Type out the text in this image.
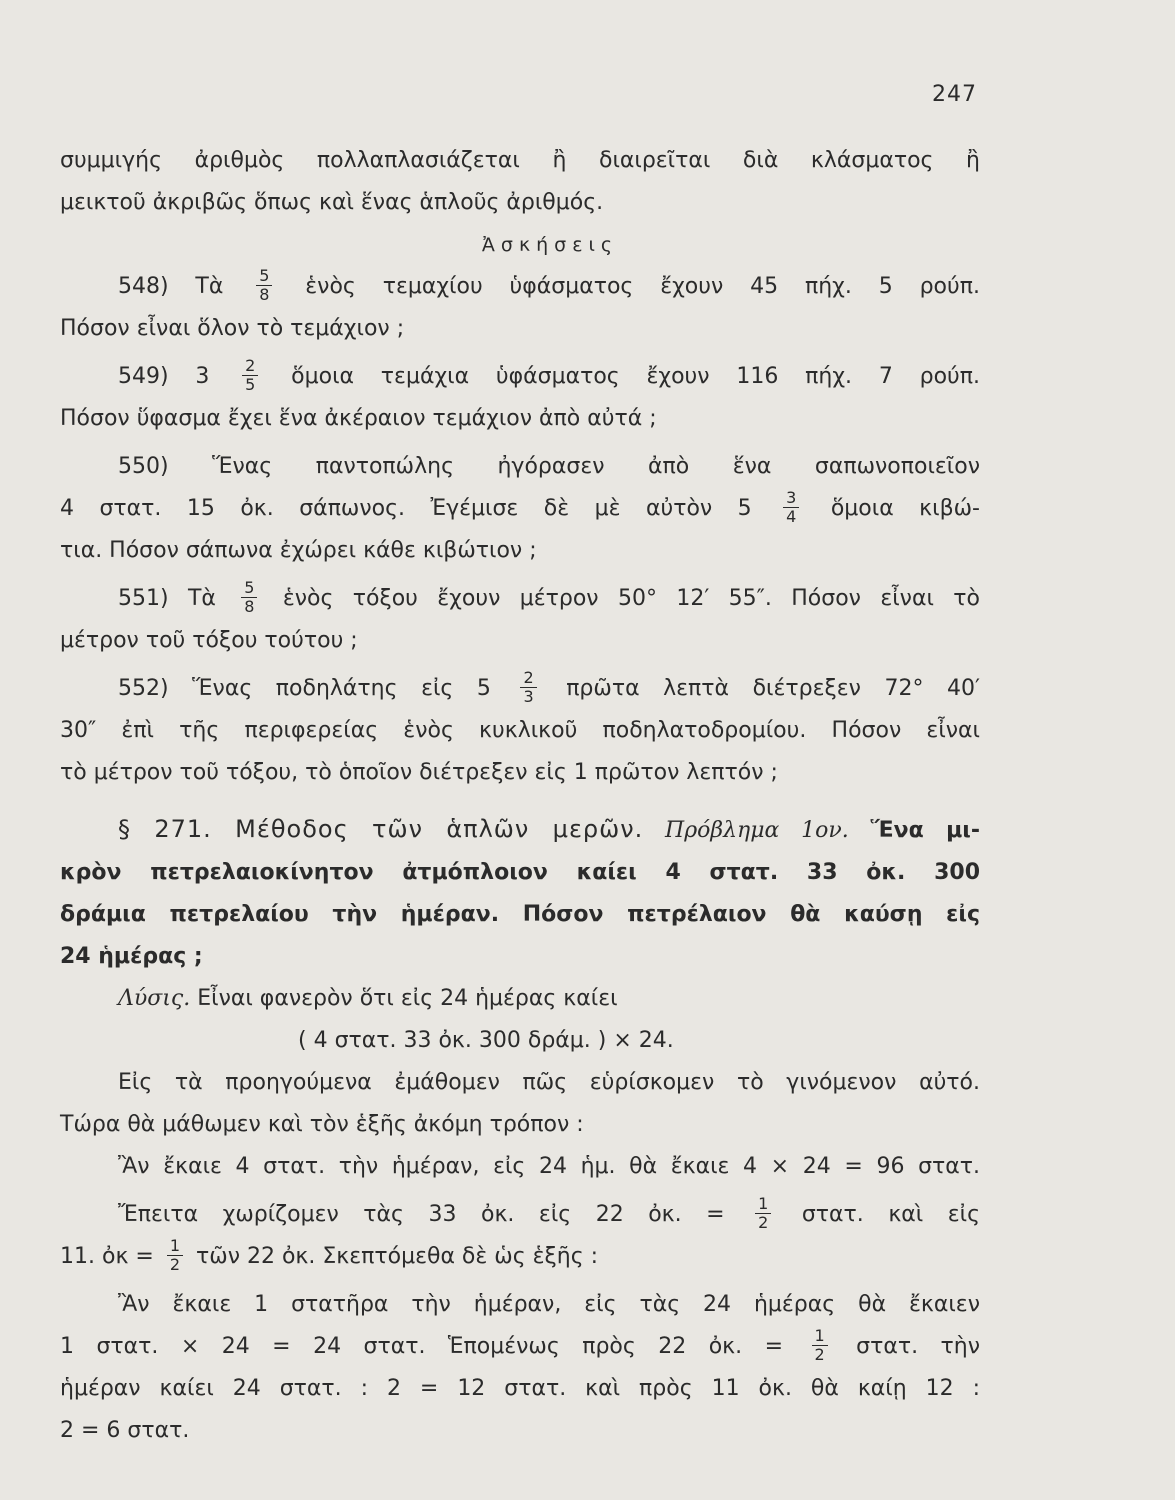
247
συμμιγής ἀριθμὸς πολλαπλασιάζεται ἢ διαιρεῖται διὰ κλάσματος ἢ
μεικτοῦ ἀκριβῶς ὅπως καὶ ἕνας ἁπλοῦς ἀριθμός.
Ἀσκήσεις
548) Τὰ $\frac{5}{8}$ ἑνὸς τεμαχίου ὑφάσματος ἔχουν 45 πήχ. 5 ρούπ.
Πόσον εἶναι ὅλον τὸ τεμάχιον ;
549) $3 \frac{2}{5}$ ὅμοια τεμάχια ὑφάσματος ἔχουν 116 πήχ. 7 ρούπ.
Πόσον ὕφασμα ἔχει ἕνα ἀκέραιον τεμάχιον ἀπὸ αὐτά ;
550) Ἕνας παντοπώλης ἠγόρασεν ἀπὸ ἕνα σαπωνοποιεῖον
4 στατ. 15 ὀκ. σάπωνος. Ἐγέμισε δὲ μὲ αὐτὸν $5 \frac{3}{4}$ ὅμοια κιβώ-
τια. Πόσον σάπωνα ἐχώρει κάθε κιβώτιον ;
551) Τὰ $\frac{5}{8}$ ἑνὸς τόξου ἔχουν μέτρον 50° 12′ 55″. Πόσον εἶναι τὸ
μέτρον τοῦ τόξου τούτου ;
552) Ἕνας ποδηλάτης εἰς $5 \frac{2}{3}$ πρῶτα λεπτὰ διέτρεξεν 72° 40′
30″ ἐπὶ τῆς περιφερείας ἑνὸς κυκλικοῦ ποδηλατοδρομίου. Πόσον εἶναι
τὸ μέτρον τοῦ τόξου, τὸ ὁποῖον διέτρεξεν εἰς 1 πρῶτον λεπτόν ;
§ 271. Μέθοδος τῶν ἁπλῶν μερῶν. Πρόβλημα 1ον. Ἕνα μι-
κρὸν πετρελαιοκίνητον ἀτμόπλοιον καίει 4 στατ. 33 ὀκ. 300
δράμια πετρελαίου τὴν ἡμέραν. Πόσον πετρέλαιον θὰ καύσῃ εἰς
24 ἡμέρας ;
Λύσις. Εἶναι φανερὸν ὅτι εἰς 24 ἡμέρας καίει
( 4 στατ. 33 ὀκ. 300 δράμ. ) × 24.
Εἰς τὰ προηγούμενα ἐμάθομεν πῶς εὑρίσκομεν τὸ γινόμενον αὐτό.
Τώρα θὰ μάθωμεν καὶ τὸν ἑξῆς ἀκόμη τρόπον :
Ἂν ἔκαιε 4 στατ. τὴν ἡμέραν, εἰς 24 ἡμ. θὰ ἔκαιε 4 × 24 = 96 στατ.
Ἔπειτα χωρίζομεν τὰς 33 ὀκ. εἰς 22 ὀκ. = $\frac{1}{2} \sigma\tau\alpha\tau$. καὶ εἰς
11. ὀκ = $\frac{1}{2}$ τῶν 22 ὀκ. Σκεπτόμεθα δὲ ὡς ἑξῆς :
Ἂν ἔκαιε 1 στατῆρα τὴν ἡμέραν, εἰς τὰς 24 ἡμέρας θὰ ἔκαιεν
1 στατ. × 24 = 24 στατ. Ἑπομένως πρὸς 22 ὀκ. = $\frac{1}{2} \sigma\tau\alpha\tau$. τὴν
ἡμέραν καίει 24 στατ. : 2 = 12 στατ. καὶ πρὸς 11 ὀκ. θὰ καίῃ 12 :
2 = 6 στατ.
